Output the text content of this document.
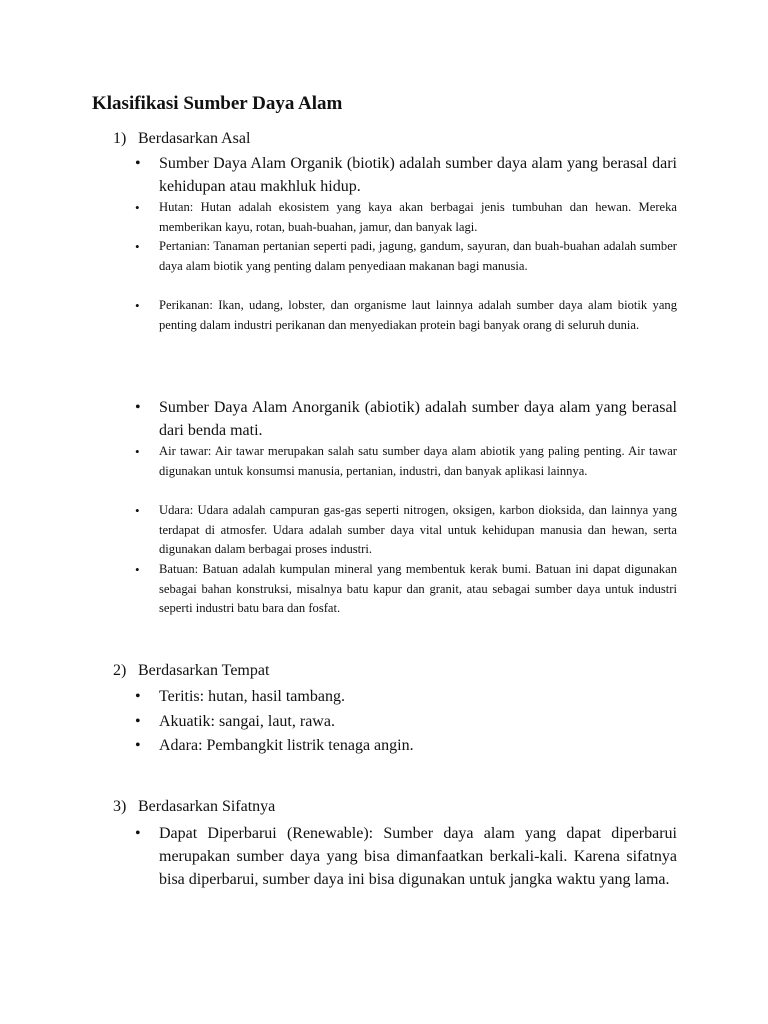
Klasifikasi Sumber Daya Alam

1) Berdasarkan Asal

• Sumber Daya Alam Organik (biotik) adalah sumber daya alam yang berasal dari kehidupan atau makhluk hidup.

• Hutan: Hutan adalah ekosistem yang kaya akan berbagai jenis tumbuhan dan hewan. Mereka memberikan kayu, rotan, buah-buahan, jamur, dan banyak lagi.

• Pertanian: Tanaman pertanian seperti padi, jagung, gandum, sayuran, dan buah-buahan adalah sumber daya alam biotik yang penting dalam penyediaan makanan bagi manusia.

• Perikanan: Ikan, udang, lobster, dan organisme laut lainnya adalah sumber daya alam biotik yang penting dalam industri perikanan dan menyediakan protein bagi banyak orang di seluruh dunia.

• Sumber Daya Alam Anorganik (abiotik) adalah sumber daya alam yang berasal dari benda mati.

• Air tawar: Air tawar merupakan salah satu sumber daya alam abiotik yang paling penting. Air tawar digunakan untuk konsumsi manusia, pertanian, industri, dan banyak aplikasi lainnya.

• Udara: Udara adalah campuran gas-gas seperti nitrogen, oksigen, karbon dioksida, dan lainnya yang terdapat di atmosfer. Udara adalah sumber daya vital untuk kehidupan manusia dan hewan, serta digunakan dalam berbagai proses industri.

• Batuan: Batuan adalah kumpulan mineral yang membentuk kerak bumi. Batuan ini dapat digunakan sebagai bahan konstruksi, misalnya batu kapur dan granit, atau sebagai sumber daya untuk industri seperti industri batu bara dan fosfat.

2) Berdasarkan Tempat

• Teritis: hutan, hasil tambang.

• Akuatik: sangai, laut, rawa.

• Adara: Pembangkit listrik tenaga angin.

3) Berdasarkan Sifatnya

• Dapat Diperbarui (Renewable): Sumber daya alam yang dapat diperbarui merupakan sumber daya yang bisa dimanfaatkan berkali-kali. Karena sifatnya bisa diperbarui, sumber daya ini bisa digunakan untuk jangka waktu yang lama.
